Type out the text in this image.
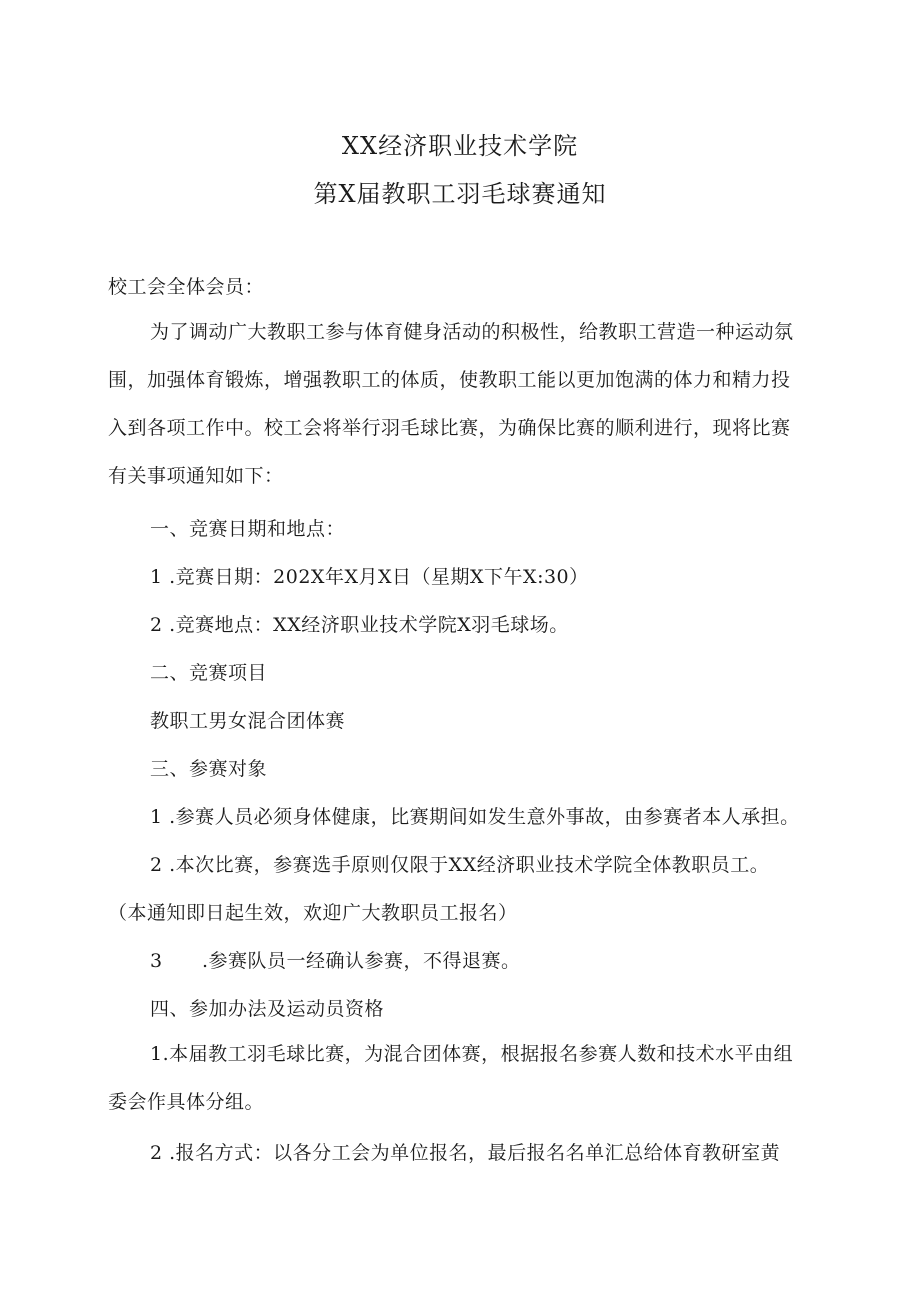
XX经济职业技术学院
第X届教职工羽毛球赛通知
校工会全体会员：
为了调动广大教职工参与体育健身活动的积极性，给教职工营造一种运动氛
围，加强体育锻炼，增强教职工的体质，使教职工能以更加饱满的体力和精力投
入到各项工作中。校工会将举行羽毛球比赛，为确保比赛的顺利进行，现将比赛
有关事项通知如下：
一、竞赛日期和地点：
1 .竞赛日期：202X年X月X日（星期X下午X:30）
2 .竞赛地点：XX经济职业技术学院X羽毛球场。
二、竞赛项目
教职工男女混合团体赛
三、参赛对象
1 .参赛人员必须身体健康，比赛期间如发生意外事故，由参赛者本人承担。
2 .本次比赛，参赛选手原则仅限于XX经济职业技术学院全体教职员工。
（本通知即日起生效，欢迎广大教职员工报名）
3 .参赛队员一经确认参赛，不得退赛。
四、参加办法及运动员资格
1.本届教工羽毛球比赛，为混合团体赛，根据报名参赛人数和技术水平由组
委会作具体分组。
2 .报名方式：以各分工会为单位报名，最后报名名单汇总给体育教研室黄
